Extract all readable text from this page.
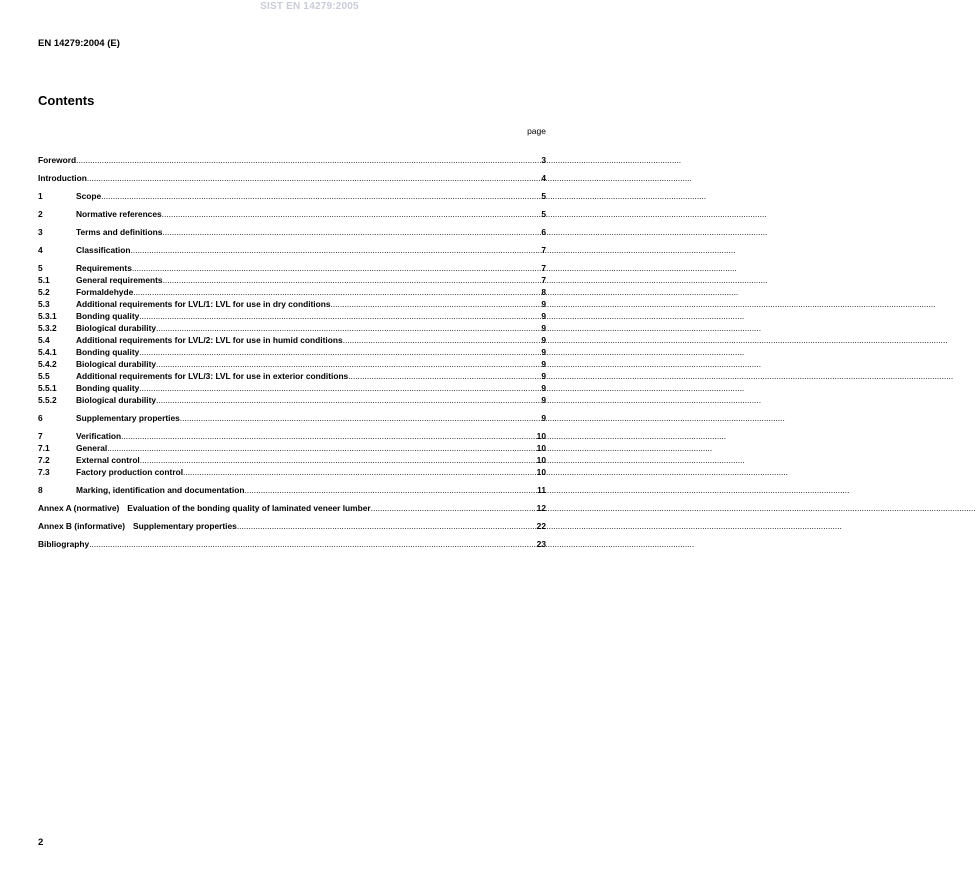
SIST EN 14279:2005
EN 14279:2004 (E)
Contents
page
Foreword .....	3
Introduction .....	4
1	Scope .....	5
2	Normative references .....	5
3	Terms and definitions .....	6
4	Classification .....	7
5	Requirements .....	7
5.1	General requirements .....	7
5.2	Formaldehyde .....	8
5.3	Additional requirements for LVL/1: LVL for use in dry conditions .....	9
5.3.1	Bonding quality .....	9
5.3.2	Biological durability .....	9
5.4	Additional requirements for LVL/2: LVL for use in humid conditions .....	9
5.4.1	Bonding quality .....	9
5.4.2	Biological durability .....	9
5.5	Additional requirements for LVL/3: LVL for use in exterior conditions .....	9
5.5.1	Bonding quality .....	9
5.5.2	Biological durability .....	9
6	Supplementary properties .....	9
7	Verification .....	10
7.1	General .....	10
7.2	External control .....	10
7.3	Factory production control .....	10
8	Marking, identification and documentation .....	11
Annex A (normative) Evaluation of the bonding quality of laminated veneer lumber .....	12
Annex B (informative) Supplementary properties .....	22
Bibliography .....	23
2
